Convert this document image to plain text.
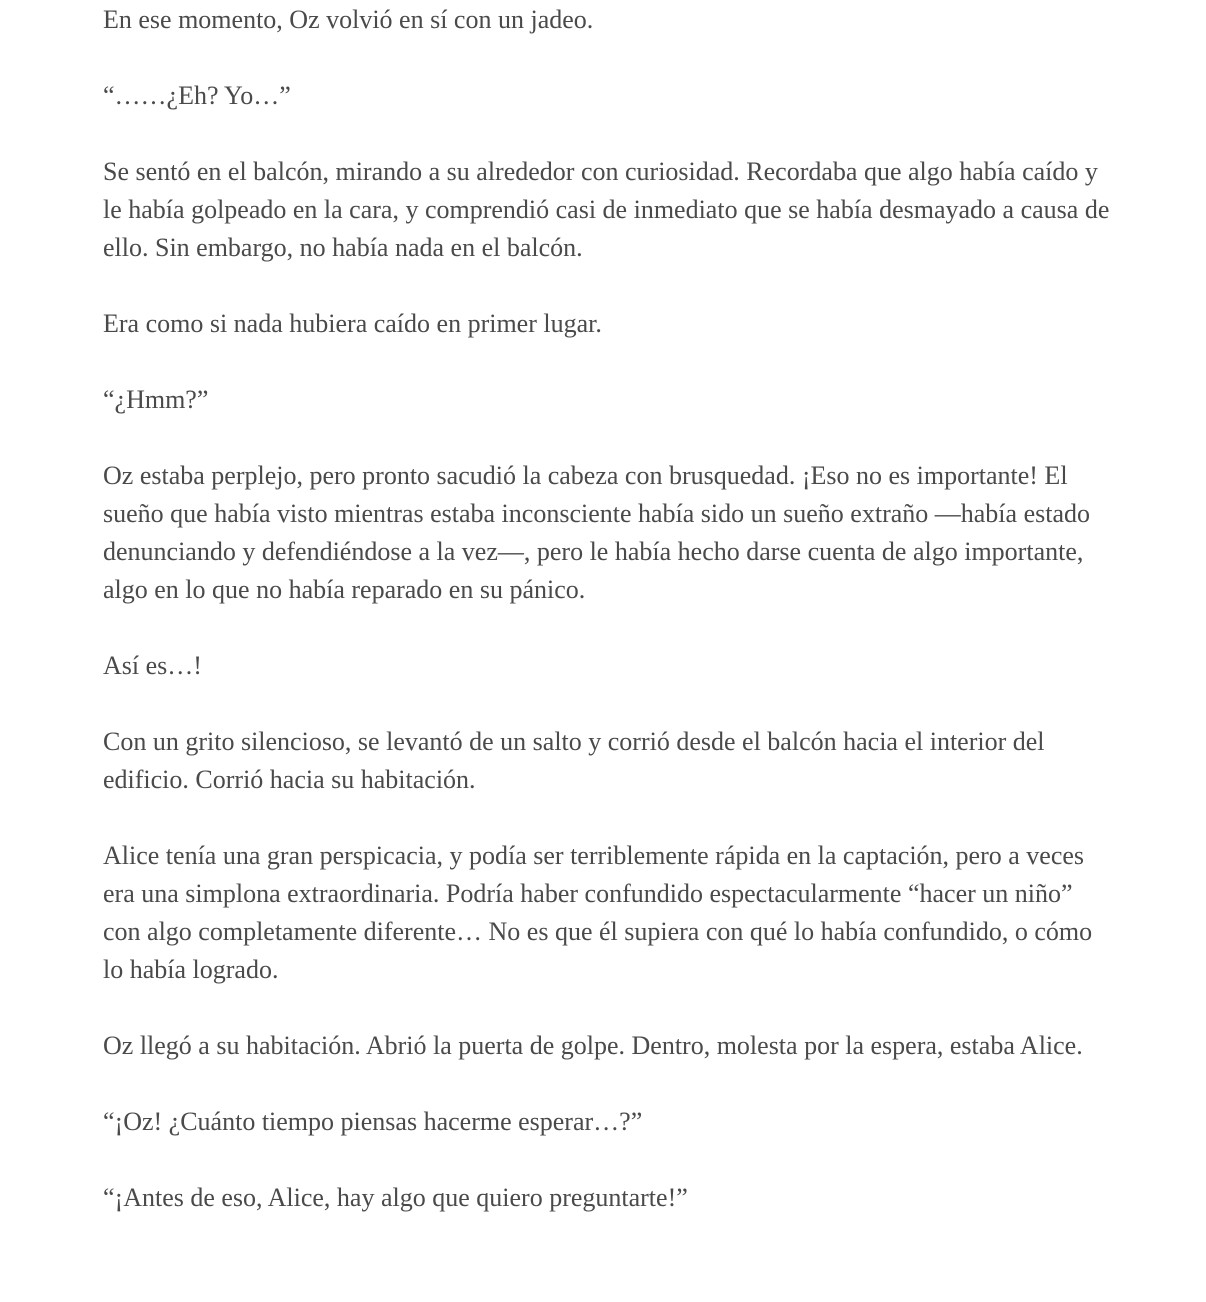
En ese momento, Oz volvió en sí con un jadeo.

“……¿Eh? Yo…”

Se sentó en el balcón, mirando a su alrededor con curiosidad. Recordaba que algo había caído y le había golpeado en la cara, y comprendió casi de inmediato que se había desmayado a causa de ello. Sin embargo, no había nada en el balcón.

Era como si nada hubiera caído en primer lugar.

“¿Hmm?”

Oz estaba perplejo, pero pronto sacudió la cabeza con brusquedad. ¡Eso no es importante! El sueño que había visto mientras estaba inconsciente había sido un sueño extraño —había estado denunciando y defendiéndose a la vez—, pero le había hecho darse cuenta de algo importante, algo en lo que no había reparado en su pánico.

Así es…!

Con un grito silencioso, se levantó de un salto y corrió desde el balcón hacia el interior del edificio. Corrió hacia su habitación.

Alice tenía una gran perspicacia, y podía ser terriblemente rápida en la captación, pero a veces era una simplona extraordinaria. Podría haber confundido espectacularmente “hacer un niño” con algo completamente diferente… No es que él supiera con qué lo había confundido, o cómo lo había logrado.

Oz llegó a su habitación. Abrió la puerta de golpe. Dentro, molesta por la espera, estaba Alice.

“¡Oz! ¿Cuánto tiempo piensas hacerme esperar…?”

“¡Antes de eso, Alice, hay algo que quiero preguntarte!”
